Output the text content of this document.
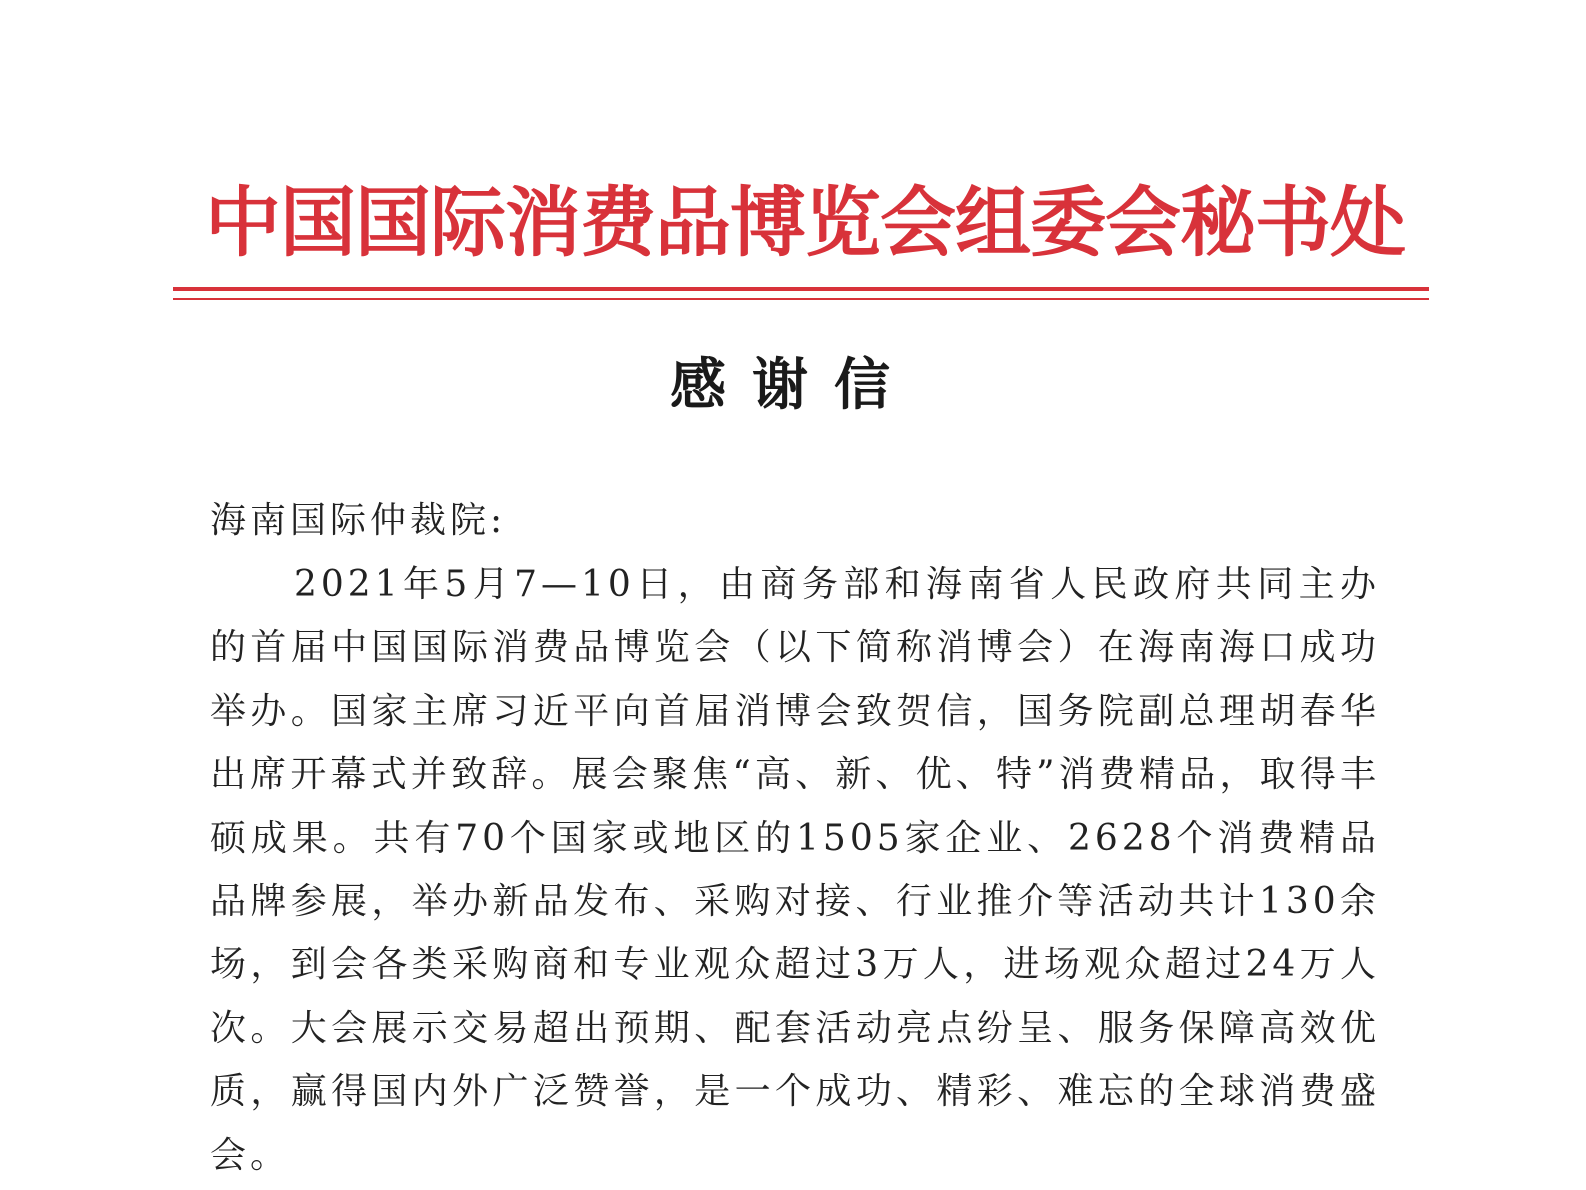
中国国际消费品博览会组委会秘书处
感谢信
海南国际仲裁院:
2021年5月7—10日，由商务部和海南省人民政府共同主办的首届中国国际消费品博览会（以下简称消博会）在海南海口成功举办。国家主席习近平向首届消博会致贺信，国务院副总理胡春华出席开幕式并致辞。展会聚焦“高、新、优、特”消费精品，取得丰硕成果。共有70个国家或地区的1505家企业、2628个消费精品品牌参展，举办新品发布、采购对接、行业推介等活动共计130余场，到会各类采购商和专业观众超过3万人，进场观众超过24万人次。大会展示交易超出预期、配套活动亮点纷呈、服务保障高效优质，赢得国内外广泛赞誉，是一个成功、精彩、难忘的全球消费盛会。
